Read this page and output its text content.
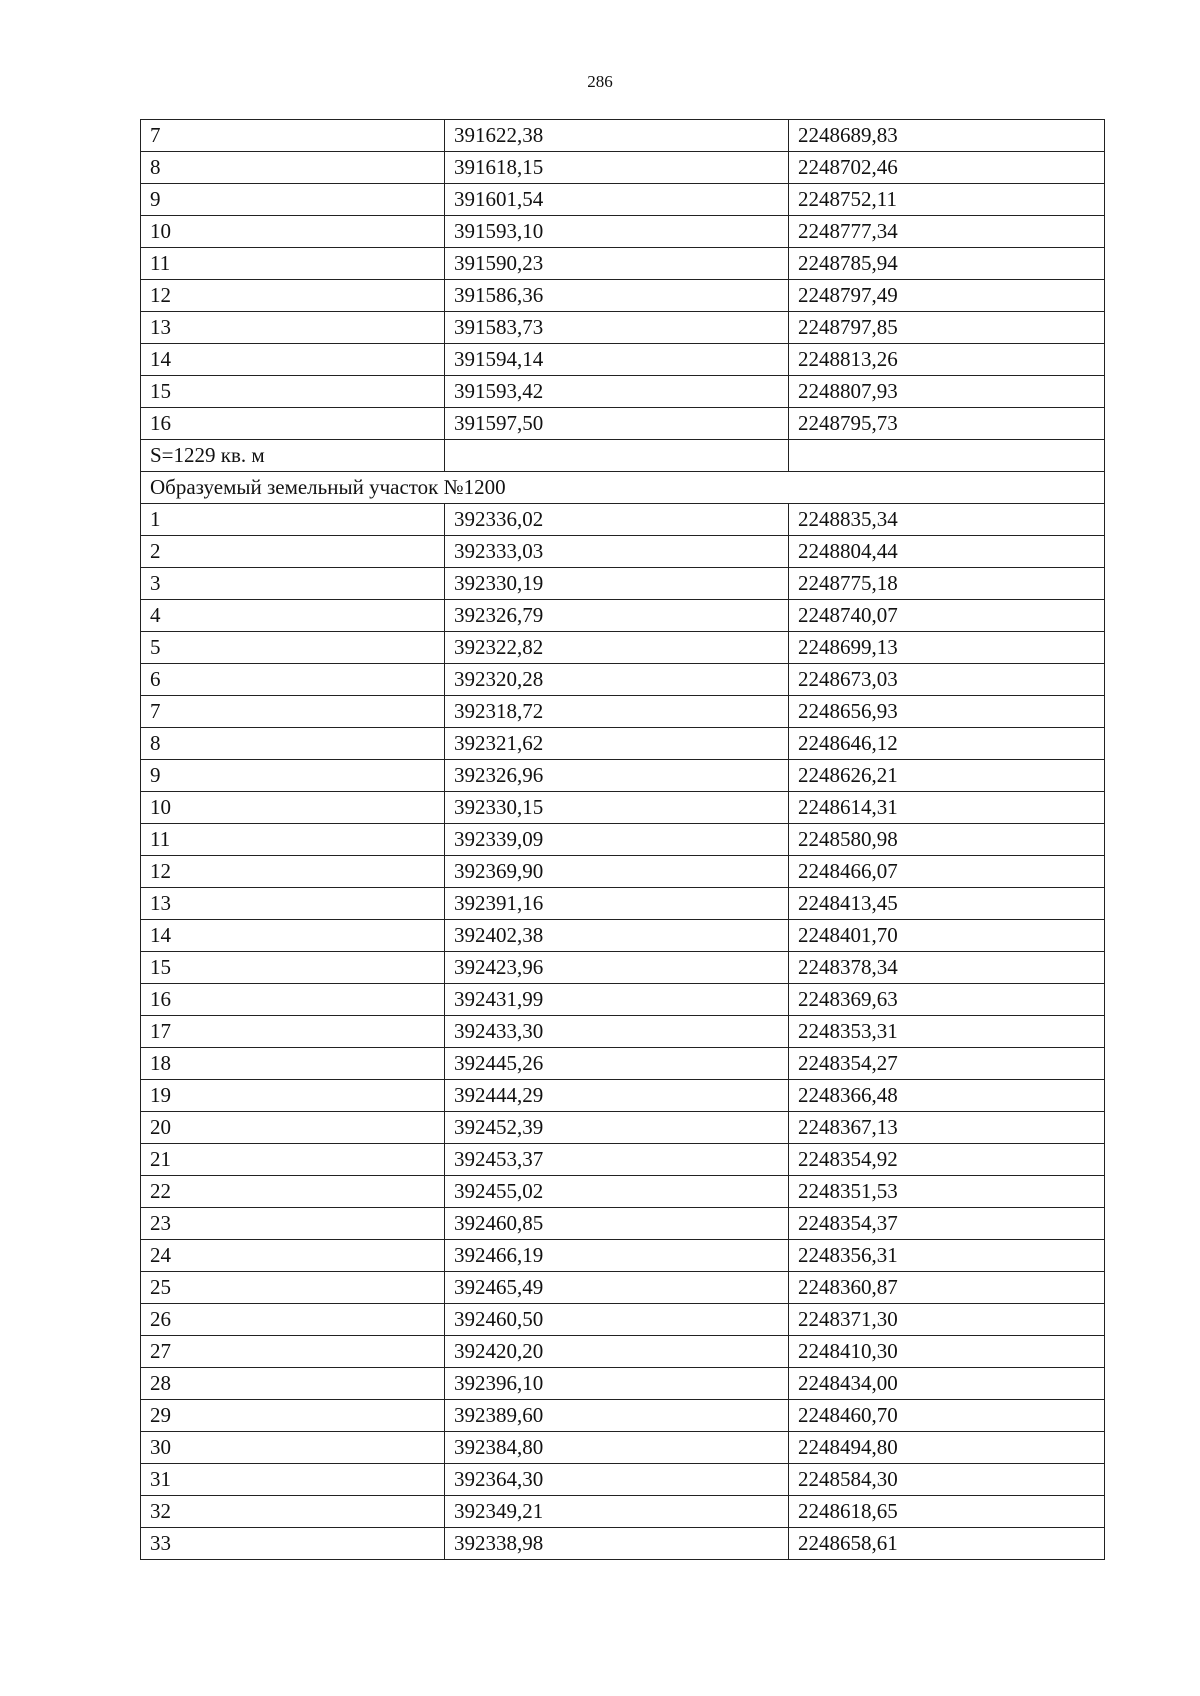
286
7	391622,38	2248689,83
8	391618,15	2248702,46
9	391601,54	2248752,11
10	391593,10	2248777,34
11	391590,23	2248785,94
12	391586,36	2248797,49
13	391583,73	2248797,85
14	391594,14	2248813,26
15	391593,42	2248807,93
16	391597,50	2248795,73
S=1229 кв. м		
Образуемый земельный участок №1200		
1	392336,02	2248835,34
2	392333,03	2248804,44
3	392330,19	2248775,18
4	392326,79	2248740,07
5	392322,82	2248699,13
6	392320,28	2248673,03
7	392318,72	2248656,93
8	392321,62	2248646,12
9	392326,96	2248626,21
10	392330,15	2248614,31
11	392339,09	2248580,98
12	392369,90	2248466,07
13	392391,16	2248413,45
14	392402,38	2248401,70
15	392423,96	2248378,34
16	392431,99	2248369,63
17	392433,30	2248353,31
18	392445,26	2248354,27
19	392444,29	2248366,48
20	392452,39	2248367,13
21	392453,37	2248354,92
22	392455,02	2248351,53
23	392460,85	2248354,37
24	392466,19	2248356,31
25	392465,49	2248360,87
26	392460,50	2248371,30
27	392420,20	2248410,30
28	392396,10	2248434,00
29	392389,60	2248460,70
30	392384,80	2248494,80
31	392364,30	2248584,30
32	392349,21	2248618,65
33	392338,98	2248658,61
